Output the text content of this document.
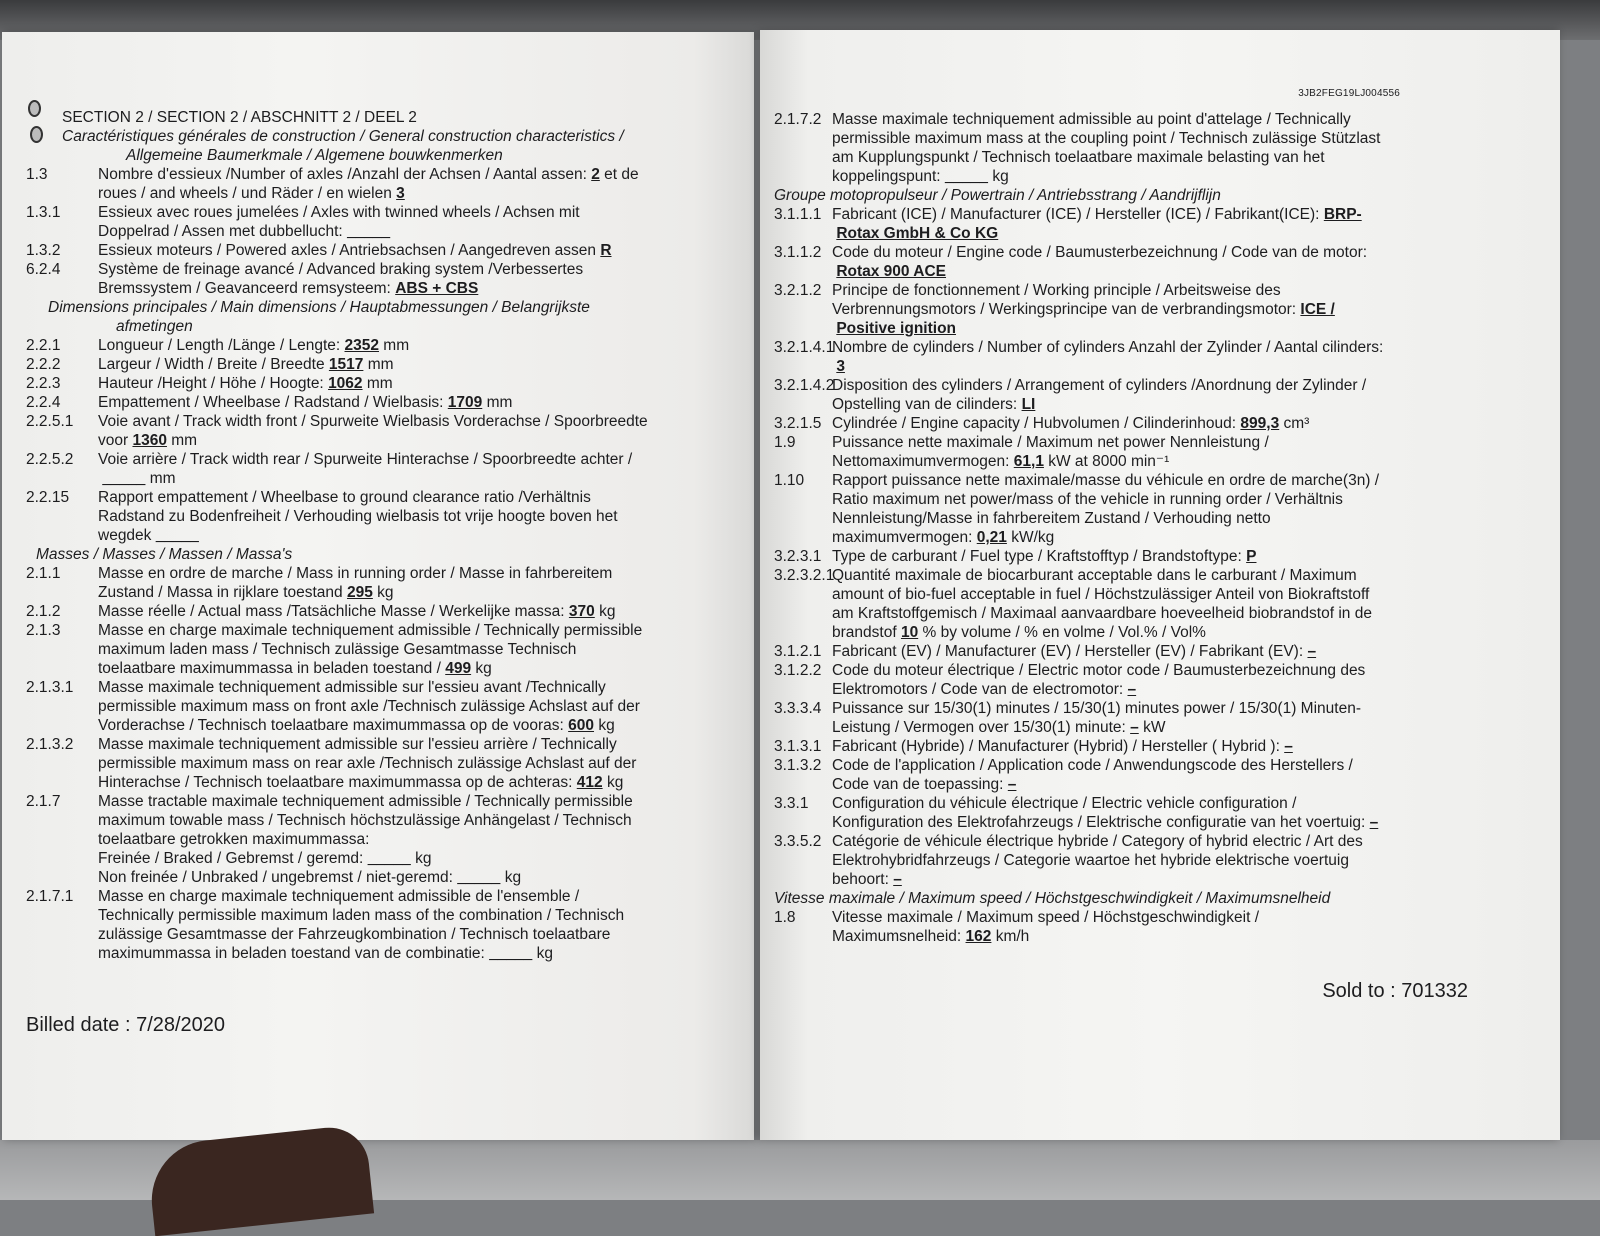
SECTION 2 / SECTION 2 / ABSCHNITT 2 / DEEL 2
Caractéristiques générales de construction / General construction characteristics /
Allgemeine Baumerkmale / Algemene bouwkenmerken
1.3	Nombre d'essieux /Number of axles /Anzahl der Achsen / Aantal assen: 2 et de
roues / and wheels / und Räder / en wielen 3
1.3.1 Essieux avec roues jumelées / Axles with twinned wheels / Achsen mit
Doppelrad / Assen met dubbellucht: _____
1.3.2 Essieux moteurs / Powered axles / Antriebsachsen / Aangedreven assen R
6.2.4 Système de freinage avancé / Advanced braking system /Verbessertes
Bremssystem / Geavanceerd remsysteem: ABS + CBS
Dimensions principales / Main dimensions / Hauptabmessungen / Belangrijkste
afmetingen
2.2.1 Longueur / Length /Länge / Lengte: 2352 mm
2.2.2 Largeur / Width / Breite / Breedte 1517 mm
2.2.3 Hauteur /Height / Höhe / Hoogte: 1062 mm
2.2.4 Empattement / Wheelbase / Radstand / Wielbasis: 1709 mm
2.2.5.1 Voie avant / Track width front / Spurweite Wielbasis Vorderachse / Spoorbreedte
voor 1360 mm
2.2.5.2 Voie arrière / Track width rear / Spurweite Hinterachse / Spoorbreedte achter /
_____ mm
2.2.15 Rapport empattement / Wheelbase to ground clearance ratio /Verhältnis
Radstand zu Bodenfreiheit / Verhouding wielbasis tot vrije hoogte boven het
wegdek _____
Masses / Masses / Massen / Massa's
2.1.1 Masse en ordre de marche / Mass in running order / Masse in fahrbereitem
Zustand / Massa in rijklare toestand 295 kg
2.1.2 Masse réelle / Actual mass /Tatsächliche Masse / Werkelijke massa: 370 kg
2.1.3 Masse en charge maximale techniquement admissible / Technically permissible
maximum laden mass / Technisch zulässige Gesamtmasse Technisch
toelaatbare maximummassa in beladen toestand / 499 kg
2.1.3.1 Masse maximale techniquement admissible sur l'essieu avant /Technically
permissible maximum mass on front axle /Technisch zulässige Achslast auf der
Vorderachse / Technisch toelaatbare maximummassa op de vooras: 600 kg
2.1.3.2 Masse maximale techniquement admissible sur l'essieu arrière / Technically
permissible maximum mass on rear axle /Technisch zulässige Achslast auf der
Hinterachse / Technisch toelaatbare maximummassa op de achteras: 412 kg
2.1.7 Masse tractable maximale techniquement admissible / Technically permissible
maximum towable mass / Technisch höchstzulässige Anhängelast / Technisch
toelaatbare getrokken maximummassa:
Freinée / Braked / Gebremst / geremd: _____ kg
Non freinée / Unbraked / ungebremst / niet-geremd: _____ kg
2.1.7.1 Masse en charge maximale techniquement admissible de l'ensemble /
Technically permissible maximum laden mass of the combination / Technisch
zulässige Gesamtmasse der Fahrzeugkombination / Technisch toelaatbare
maximummassa in beladen toestand van de combinatie: _____ kg
Billed date : 7/28/2020
3JB2FEG19LJ004556
2.1.7.2 Masse maximale techniquement admissible au point d'attelage / Technically
permissible maximum mass at the coupling point / Technisch zulässige Stützlast
am Kupplungspunkt / Technisch toelaatbare maximale belasting van het
koppelingspunt: _____ kg
Groupe motopropulseur / Powertrain / Antriebsstrang / Aandrijflijn
3.1.1.1 Fabricant (ICE) / Manufacturer (ICE) / Hersteller (ICE) / Fabrikant(ICE): BRP-
Rotax GmbH & Co KG
3.1.1.2 Code du moteur / Engine code / Baumusterbezeichnung / Code van de motor:
Rotax 900 ACE
3.2.1.2 Principe de fonctionnement / Working principle / Arbeitsweise des
Verbrennungsmotors / Werkingsprincipe van de verbrandingsmotor: ICE /
Positive ignition
3.2.1.4.1Nombre de cylinders / Number of cylinders Anzahl der Zylinder / Aantal cilinders:
3
3.2.1.4.2Disposition des cylinders / Arrangement of cylinders /Anordnung der Zylinder /
Opstelling van de cilinders: LI
3.2.1.5 Cylindrée / Engine capacity / Hubvolumen / Cilinderinhoud: 899,3 cm³
1.9 Puissance nette maximale / Maximum net power Nennleistung /
Nettomaximumvermogen: 61,1 kW at 8000 min⁻¹
1.10 Rapport puissance nette maximale/masse du véhicule en ordre de marche(3n) /
Ratio maximum net power/mass of the vehicle in running order / Verhältnis
Nennleistung/Masse in fahrbereitem Zustand / Verhouding netto
maximumvermogen: 0,21 kW/kg
3.2.3.1 Type de carburant / Fuel type / Kraftstofftyp / Brandstoftype: P
3.2.3.2.1Quantité maximale de biocarburant acceptable dans le carburant / Maximum
amount of bio-fuel acceptable in fuel / Höchstzulässiger Anteil von Biokraftstoff
am Kraftstoffgemisch / Maximaal aanvaardbare hoeveelheid biobrandstof in de
brandstof 10 % by volume / % en volme / Vol.% / Vol%
3.1.2.1 Fabricant (EV) / Manufacturer (EV) / Hersteller (EV) / Fabrikant (EV): –
3.1.2.2 Code du moteur électrique / Electric motor code / Baumusterbezeichnung des
Elektromotors / Code van de electromotor: –
3.3.3.4 Puissance sur 15/30(1) minutes / 15/30(1) minutes power / 15/30(1) Minuten-
Leistung / Vermogen over 15/30(1) minute: – kW
3.1.3.1 Fabricant (Hybride) / Manufacturer (Hybrid) / Hersteller ( Hybrid ): –
3.1.3.2 Code de l'application / Application code / Anwendungscode des Herstellers /
Code van de toepassing: –
3.3.1 Configuration du véhicule électrique / Electric vehicle configuration /
Konfiguration des Elektrofahrzeugs / Elektrische configuratie van het voertuig: –
3.3.5.2 Catégorie de véhicule électrique hybride / Category of hybrid electric / Art des
Elektrohybridfahrzeugs / Categorie waartoe het hybride elektrische voertuig
behoort: –
Vitesse maximale / Maximum speed / Höchstgeschwindigkeit / Maximumsnelheid
1.8 Vitesse maximale / Maximum speed / Höchstgeschwindigkeit /
Maximumsnelheid: 162 km/h
Sold to : 701332
